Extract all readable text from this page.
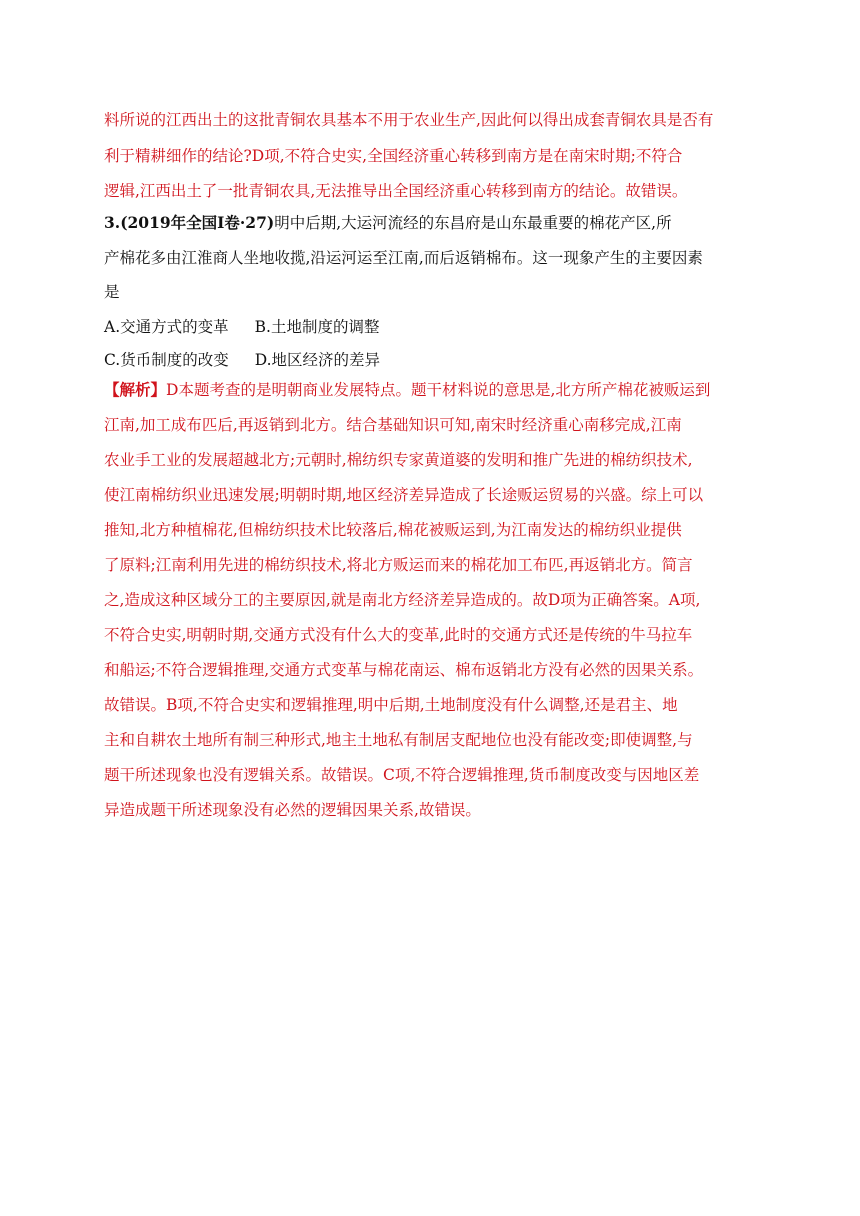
料所说的江西出土的这批青铜农具基本不用于农业生产,因此何以得出成套青铜农具是否有
利于精耕细作的结论?D项,不符合史实,全国经济重心转移到南方是在南宋时期;不符合
逻辑,江西出土了一批青铜农具,无法推导出全国经济重心转移到南方的结论。故错误。
3.(2019年全国Ⅰ卷·27)明中后期,大运河流经的东昌府是山东最重要的棉花产区,所
产棉花多由江淮商人坐地收揽,沿运河运至江南,而后返销棉布。这一现象产生的主要因素
是
A.交通方式的变革 B.土地制度的调整
C.货币制度的改变 D.地区经济的差异
【解析】D本题考查的是明朝商业发展特点。题干材料说的意思是,北方所产棉花被贩运到
江南,加工成布匹后,再返销到北方。结合基础知识可知,南宋时经济重心南移完成,江南
农业手工业的发展超越北方;元朝时,棉纺织专家黄道婆的发明和推广先进的棉纺织技术,
使江南棉纺织业迅速发展;明朝时期,地区经济差异造成了长途贩运贸易的兴盛。综上可以
推知,北方种植棉花,但棉纺织技术比较落后,棉花被贩运到,为江南发达的棉纺织业提供
了原料;江南利用先进的棉纺织技术,将北方贩运而来的棉花加工布匹,再返销北方。简言
之,造成这种区域分工的主要原因,就是南北方经济差异造成的。故D项为正确答案。A项,
不符合史实,明朝时期,交通方式没有什么大的变革,此时的交通方式还是传统的牛马拉车
和船运;不符合逻辑推理,交通方式变革与棉花南运、棉布返销北方没有必然的因果关系。
故错误。B项,不符合史实和逻辑推理,明中后期,土地制度没有什么调整,还是君主、地
主和自耕农土地所有制三种形式,地主土地私有制居支配地位也没有能改变;即使调整,与
题干所述现象也没有逻辑关系。故错误。C项,不符合逻辑推理,货币制度改变与因地区差
异造成题干所述现象没有必然的逻辑因果关系,故错误。
